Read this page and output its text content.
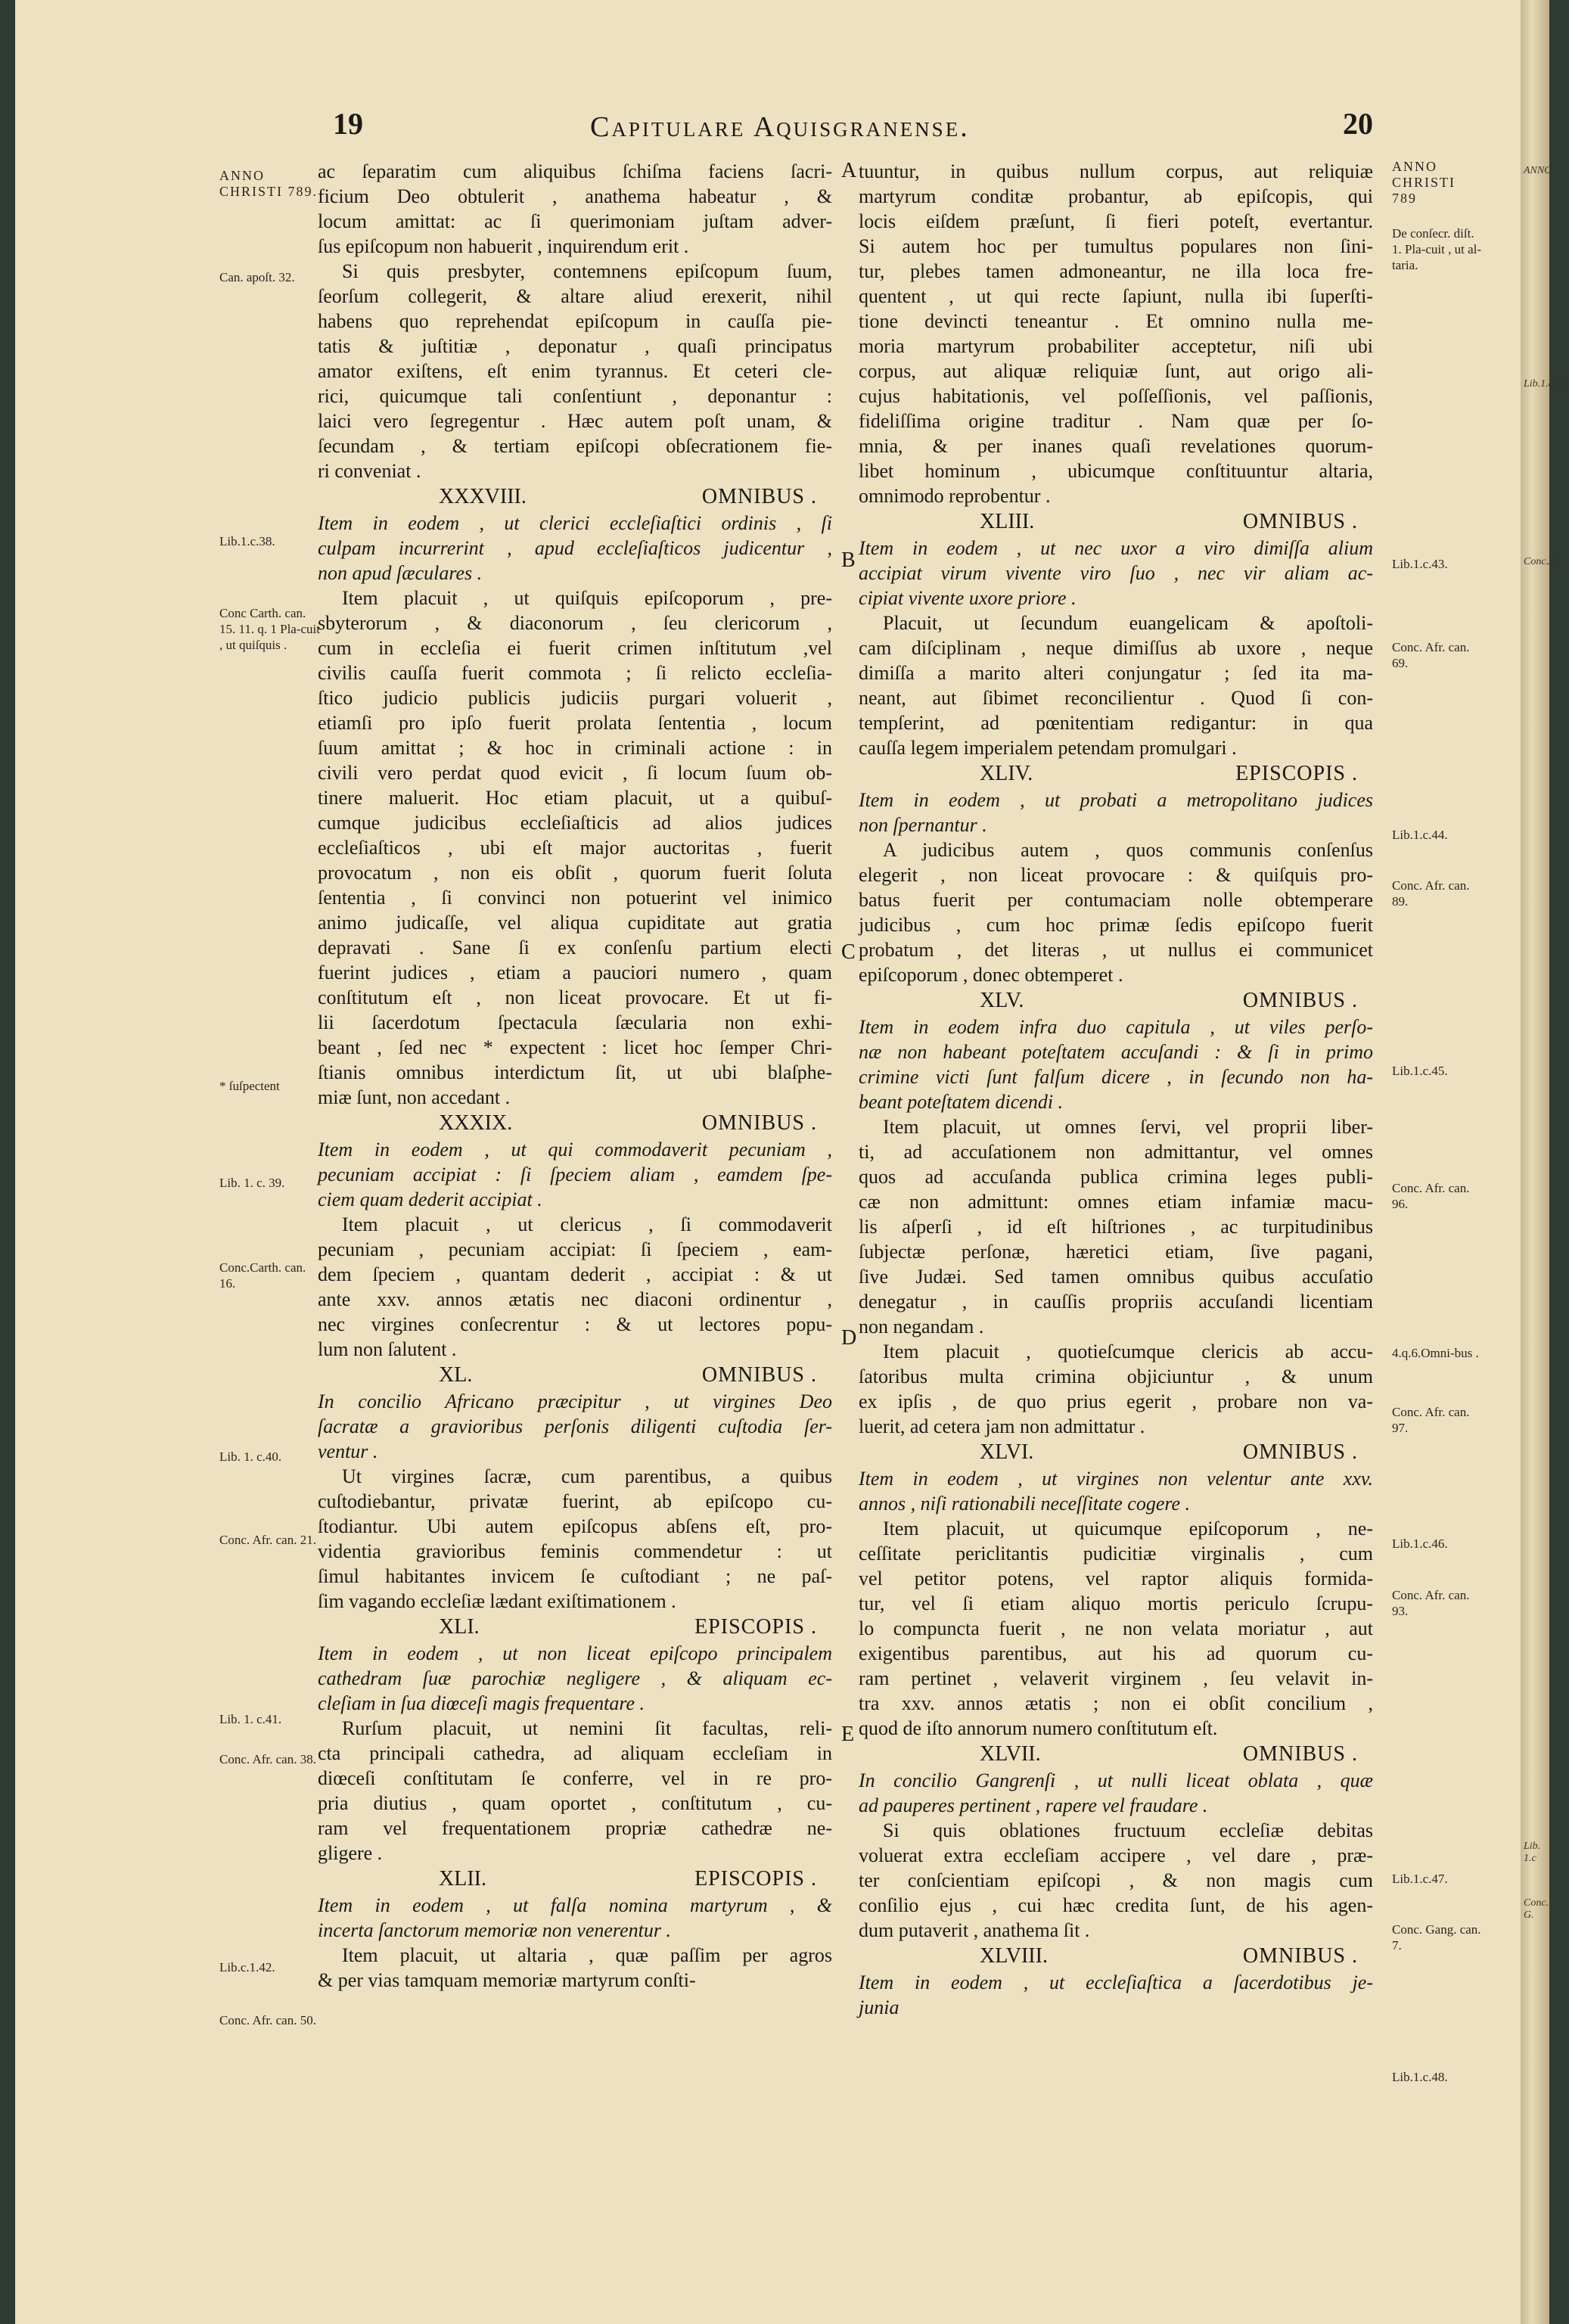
19	Capitulare Aquisgranense.	20
ac ſeparatim cum aliquibus ſchiſma faciens ſacri-
ficium Deo obtulerit , anathema habeatur , &
locum amittat: ac ſi querimoniam juſtam adver-
ſus epiſcopum non habuerit , inquirendum erit .
Si quis presbyter, contemnens epiſcopum ſuum,
ſeorſum collegerit, & altare aliud erexerit, nihil
habens quo reprehendat epiſcopum in cauſſa pie-
tatis & juſtitiæ , deponatur , quaſi principatus
amator exiſtens, eſt enim tyrannus. Et ceteri cle-
rici, quicumque tali conſentiunt , deponantur :
laici vero ſegregentur . Hæc autem poſt unam, &
ſecundam , & tertiam epiſcopi obſecrationem fie-
ri conveniat .
XXXVIII.	OMNIBUS .
Item in eodem , ut clerici eccleſiaſtici ordinis , ſi
culpam incurrerint , apud eccleſiaſticos judicentur ,
non apud ſæculares .
Item placuit , ut quiſquis epiſcoporum , pre-
sbyterorum , & diaconorum , ſeu clericorum ,
cum in eccleſia ei fuerit crimen inſtitutum ,vel
civilis cauſſa fuerit commota ; ſi relicto eccleſia-
ſtico judicio publicis judiciis purgari voluerit ,
etiamſi pro ipſo fuerit prolata ſententia , locum
ſuum amittat ; & hoc in criminali actione : in
civili vero perdat quod evicit , ſi locum ſuum ob-
tinere maluerit. Hoc etiam placuit, ut a quibuſ-
cumque judicibus eccleſiaſticis ad alios judices
eccleſiaſticos , ubi eſt major auctoritas , fuerit
provocatum , non eis obſit , quorum fuerit ſoluta
ſententia , ſi convinci non potuerint vel inimico
animo judicaſſe, vel aliqua cupiditate aut gratia
depravati . Sane ſi ex conſenſu partium electi
fuerint judices , etiam a pauciori numero , quam
conſtitutum eſt , non liceat provocare. Et ut fi-
lii ſacerdotum ſpectacula ſæcularia non exhi-
beant , ſed nec * expectent : licet hoc ſemper Chri-
ſtianis omnibus interdictum ſit, ut ubi blaſphe-
miæ ſunt, non accedant .
XXXIX.	OMNIBUS .
Item in eodem , ut qui commodaverit pecuniam ,
pecuniam accipiat : ſi ſpeciem aliam , eamdem ſpe-
ciem quam dederit accipiat .
Item placuit , ut clericus , ſi commodaverit
pecuniam , pecuniam accipiat: ſi ſpeciem , eam-
dem ſpeciem , quantam dederit , accipiat : & ut
ante xxv. annos ætatis nec diaconi ordinentur ,
nec virgines conſecrentur : & ut lectores popu-
lum non ſalutent .
XL.	OMNIBUS .
In concilio Africano præcipitur , ut virgines Deo
ſacratæ a gravioribus perſonis diligenti cuſtodia ſer-
ventur .
Ut virgines ſacræ, cum parentibus, a quibus
cuſtodiebantur, privatæ fuerint, ab epiſcopo cu-
ſtodiantur. Ubi autem epiſcopus abſens eſt, pro-
videntia gravioribus feminis commendetur : ut
ſimul habitantes invicem ſe cuſtodiant ; ne paſ-
ſim vagando eccleſiæ lædant exiſtimationem .
XLI.	EPISCOPIS .
Item in eodem , ut non liceat epiſcopo principalem
cathedram ſuæ parochiæ negligere , & aliquam ec-
cleſiam in ſua diœceſi magis frequentare .
Rurſum placuit, ut nemini ſit facultas, reli-
cta principali cathedra, ad aliquam eccleſiam in
diœceſi conſtitutam ſe conferre, vel in re pro-
pria diutius , quam oportet , conſtitutum , cu-
ram vel frequentationem propriæ cathedræ ne-
gligere .
XLII.	EPISCOPIS .
Item in eodem , ut falſa nomina martyrum , &
incerta ſanctorum memoriæ non venerentur .
Item placuit, ut altaria , quæ paſſim per agros
& per vias tamquam memoriæ martyrum conſti-
tuuntur, in quibus nullum corpus, aut reliquiæ
martyrum conditæ probantur, ab epiſcopis, qui
locis eiſdem præſunt, ſi fieri poteſt, evertantur.
Si autem hoc per tumultus populares non ſini-
tur, plebes tamen admoneantur, ne illa loca fre-
quentent , ut qui recte ſapiunt, nulla ibi ſuperſti-
tione devincti teneantur . Et omnino nulla me-
moria martyrum probabiliter acceptetur, niſi ubi
corpus, aut aliquæ reliquiæ ſunt, aut origo ali-
cujus habitationis, vel poſſeſſionis, vel paſſionis,
fideliſſima origine traditur . Nam quæ per ſo-
mnia, & per inanes quaſi revelationes quorum-
libet hominum , ubicumque conſtituuntur altaria,
omnimodo reprobentur .
XLIII.	OMNIBUS .
Item in eodem , ut nec uxor a viro dimiſſa alium
accipiat virum vivente viro ſuo , nec vir aliam ac-
cipiat vivente uxore priore .
Placuit, ut ſecundum euangelicam & apoſtoli-
cam diſciplinam , neque dimiſſus ab uxore , neque
dimiſſa a marito alteri conjungatur ; ſed ita ma-
neant, aut ſibimet reconcilientur . Quod ſi con-
tempſerint, ad pœnitentiam redigantur: in qua
cauſſa legem imperialem petendam promulgari .
XLIV.	EPISCOPIS .
Item in eodem , ut probati a metropolitano judices
non ſpernantur .
A judicibus autem , quos communis conſenſus
elegerit , non liceat provocare : & quiſquis pro-
batus fuerit per contumaciam nolle obtemperare
judicibus , cum hoc primæ ſedis epiſcopo fuerit
probatum , det literas , ut nullus ei communicet
epiſcoporum , donec obtemperet .
XLV.	OMNIBUS .
Item in eodem infra duo capitula , ut viles perſo-
næ non habeant poteſtatem accuſandi : & ſi in primo
crimine victi ſunt falſum dicere , in ſecundo non ha-
beant poteſtatem dicendi .
Item placuit, ut omnes ſervi, vel proprii liber-
ti, ad accuſationem non admittantur, vel omnes
quos ad accuſanda publica crimina leges publi-
cæ non admittunt: omnes etiam infamiæ macu-
lis aſperſi , id eſt hiſtriones , ac turpitudinibus
ſubjectæ perſonæ, hæretici etiam, ſive pagani,
ſive Judæi. Sed tamen omnibus quibus accuſatio
denegatur , in cauſſis propriis accuſandi licentiam
non negandam .
Item placuit , quotieſcumque clericis ab accu-
ſatoribus multa crimina objiciuntur , & unum
ex ipſis , de quo prius egerit , probare non va-
luerit, ad cetera jam non admittatur .
XLVI.	OMNIBUS .
Item in eodem , ut virgines non velentur ante xxv.
annos , niſi rationabili neceſſitate cogere .
Item placuit, ut quicumque epiſcoporum , ne-
ceſſitate periclitantis pudicitiæ virginalis , cum
vel petitor potens, vel raptor aliquis formida-
tur, vel ſi etiam aliquo mortis periculo ſcrupu-
lo compuncta fuerit , ne non velata moriatur , aut
exigentibus parentibus, aut his ad quorum cu-
ram pertinet , velaverit virginem , ſeu velavit in-
tra xxv. annos ætatis ; non ei obſit concilium ,
quod de iſto annorum numero conſtitutum eſt.
XLVII.	OMNIBUS .
In concilio Gangrenſi , ut nulli liceat oblata , quæ
ad pauperes pertinent , rapere vel fraudare .
Si quis oblationes fructuum eccleſiæ debitas
voluerat extra eccleſiam accipere , vel dare , præ-
ter conſcientiam epiſcopi , & non magis cum
conſilio ejus , cui hæc credita ſunt, de his agen-
dum putaverit , anathema ſit .
XLVIII.	OMNIBUS .
Item in eodem , ut eccleſiaſtica a ſacerdotibus je-
junia
ANNO CHRISTI 789.
Can. apoſt. 32.
Lib.1.c.38.
Conc Carth. can. 15. 11. q. 1 Pla-cuit , ut quiſquis .
* ſuſpectent
Lib. 1. c. 39.
Conc.Carth. can. 16.
Lib. 1. c.40.
Conc. Afr. can. 21.
Lib. 1. c.41.
Conc. Afr. can. 38.
Lib.c.1.42.
Conc. Afr. can. 50.
ANNO CHRISTI 789
De conſecr. diſt. 1. Pla-cuit , ut al-taria.
Lib.1.c.43.
Conc. Afr. can. 69.
Lib.1.c.44.
Conc. Afr. can. 89.
Lib.1.c.45.
Conc. Afr. can. 96.
4.q.6.Omni-bus .
Conc. Afr. can. 97.
Lib.1.c.46.
Conc. Afr. can. 93.
Lib.1.c.47.
Conc. Gang. can. 7.
Lib.1.c.48.
A
B
C
D
E
ANNO
Lib.1.c.43.
Conc.Afr.
Lib. 1.c
Conc. G.
